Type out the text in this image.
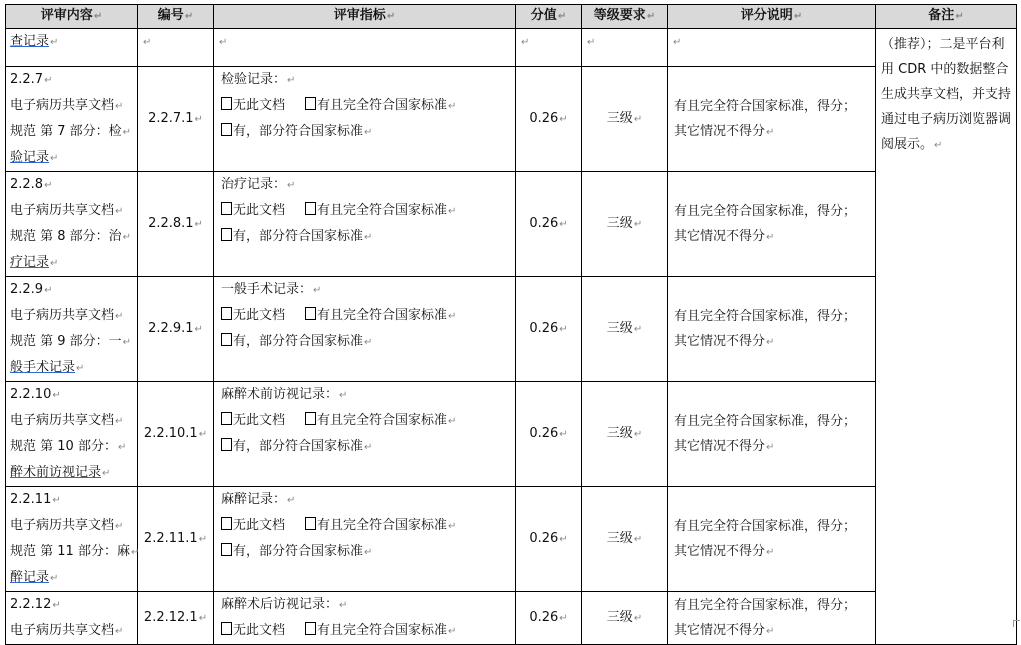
评审内容↵	编号↵	评审指标↵	分值↵	等级要求↵	评分说明↵	备注↵
查记录↵	↵	↵	↵	↵	↵	（推荐）；二是平台利用 CDR 中的数据整合生成共享文档，并支持通过电子病历浏览器调阅展示。↵

2.2.7↵
电子病历共享文档↵
规范 第 7 部分：检↵
验记录↵	2.2.7.1↵	检验记录：↵
无此文档 有且完全符合国家标准↵
有，部分符合国家标准↵	0.26↵	三级↵	有且完全符合国家标准，得分；
其它情况不得分↵	

2.2.8↵
电子病历共享文档↵
规范 第 8 部分：治↵
疗记录↵	2.2.8.1↵	治疗记录：↵
无此文档 有且完全符合国家标准↵
有，部分符合国家标准↵	0.26↵	三级↵	有且完全符合国家标准，得分；
其它情况不得分↵	

2.2.9↵
电子病历共享文档↵
规范 第 9 部分：一↵
般手术记录↵	2.2.9.1↵	一般手术记录：↵
无此文档 有且完全符合国家标准↵
有，部分符合国家标准↵	0.26↵	三级↵	有且完全符合国家标准，得分；
其它情况不得分↵	

2.2.10↵
电子病历共享文档↵
规范 第 10 部分：↵
醉术前访视记录↵	2.2.10.1↵	麻醉术前访视记录：↵
无此文档 有且完全符合国家标准↵
有，部分符合国家标准↵	0.26↵	三级↵	有且完全符合国家标准，得分；
其它情况不得分↵	

2.2.11↵
电子病历共享文档↵
规范 第 11 部分：麻↵
醉记录↵	2.2.11.1↵	麻醉记录：↵
无此文档 有且完全符合国家标准↵
有，部分符合国家标准↵	0.26↵	三级↵	有且完全符合国家标准，得分；
其它情况不得分↵	

2.2.12↵
电子病历共享文档↵	2.2.12.1↵	麻醉术后访视记录：↵
无此文档 有且完全符合国家标准↵	0.26↵	三级↵	有且完全符合国家标准，得分；
其它情况不得分↵	
